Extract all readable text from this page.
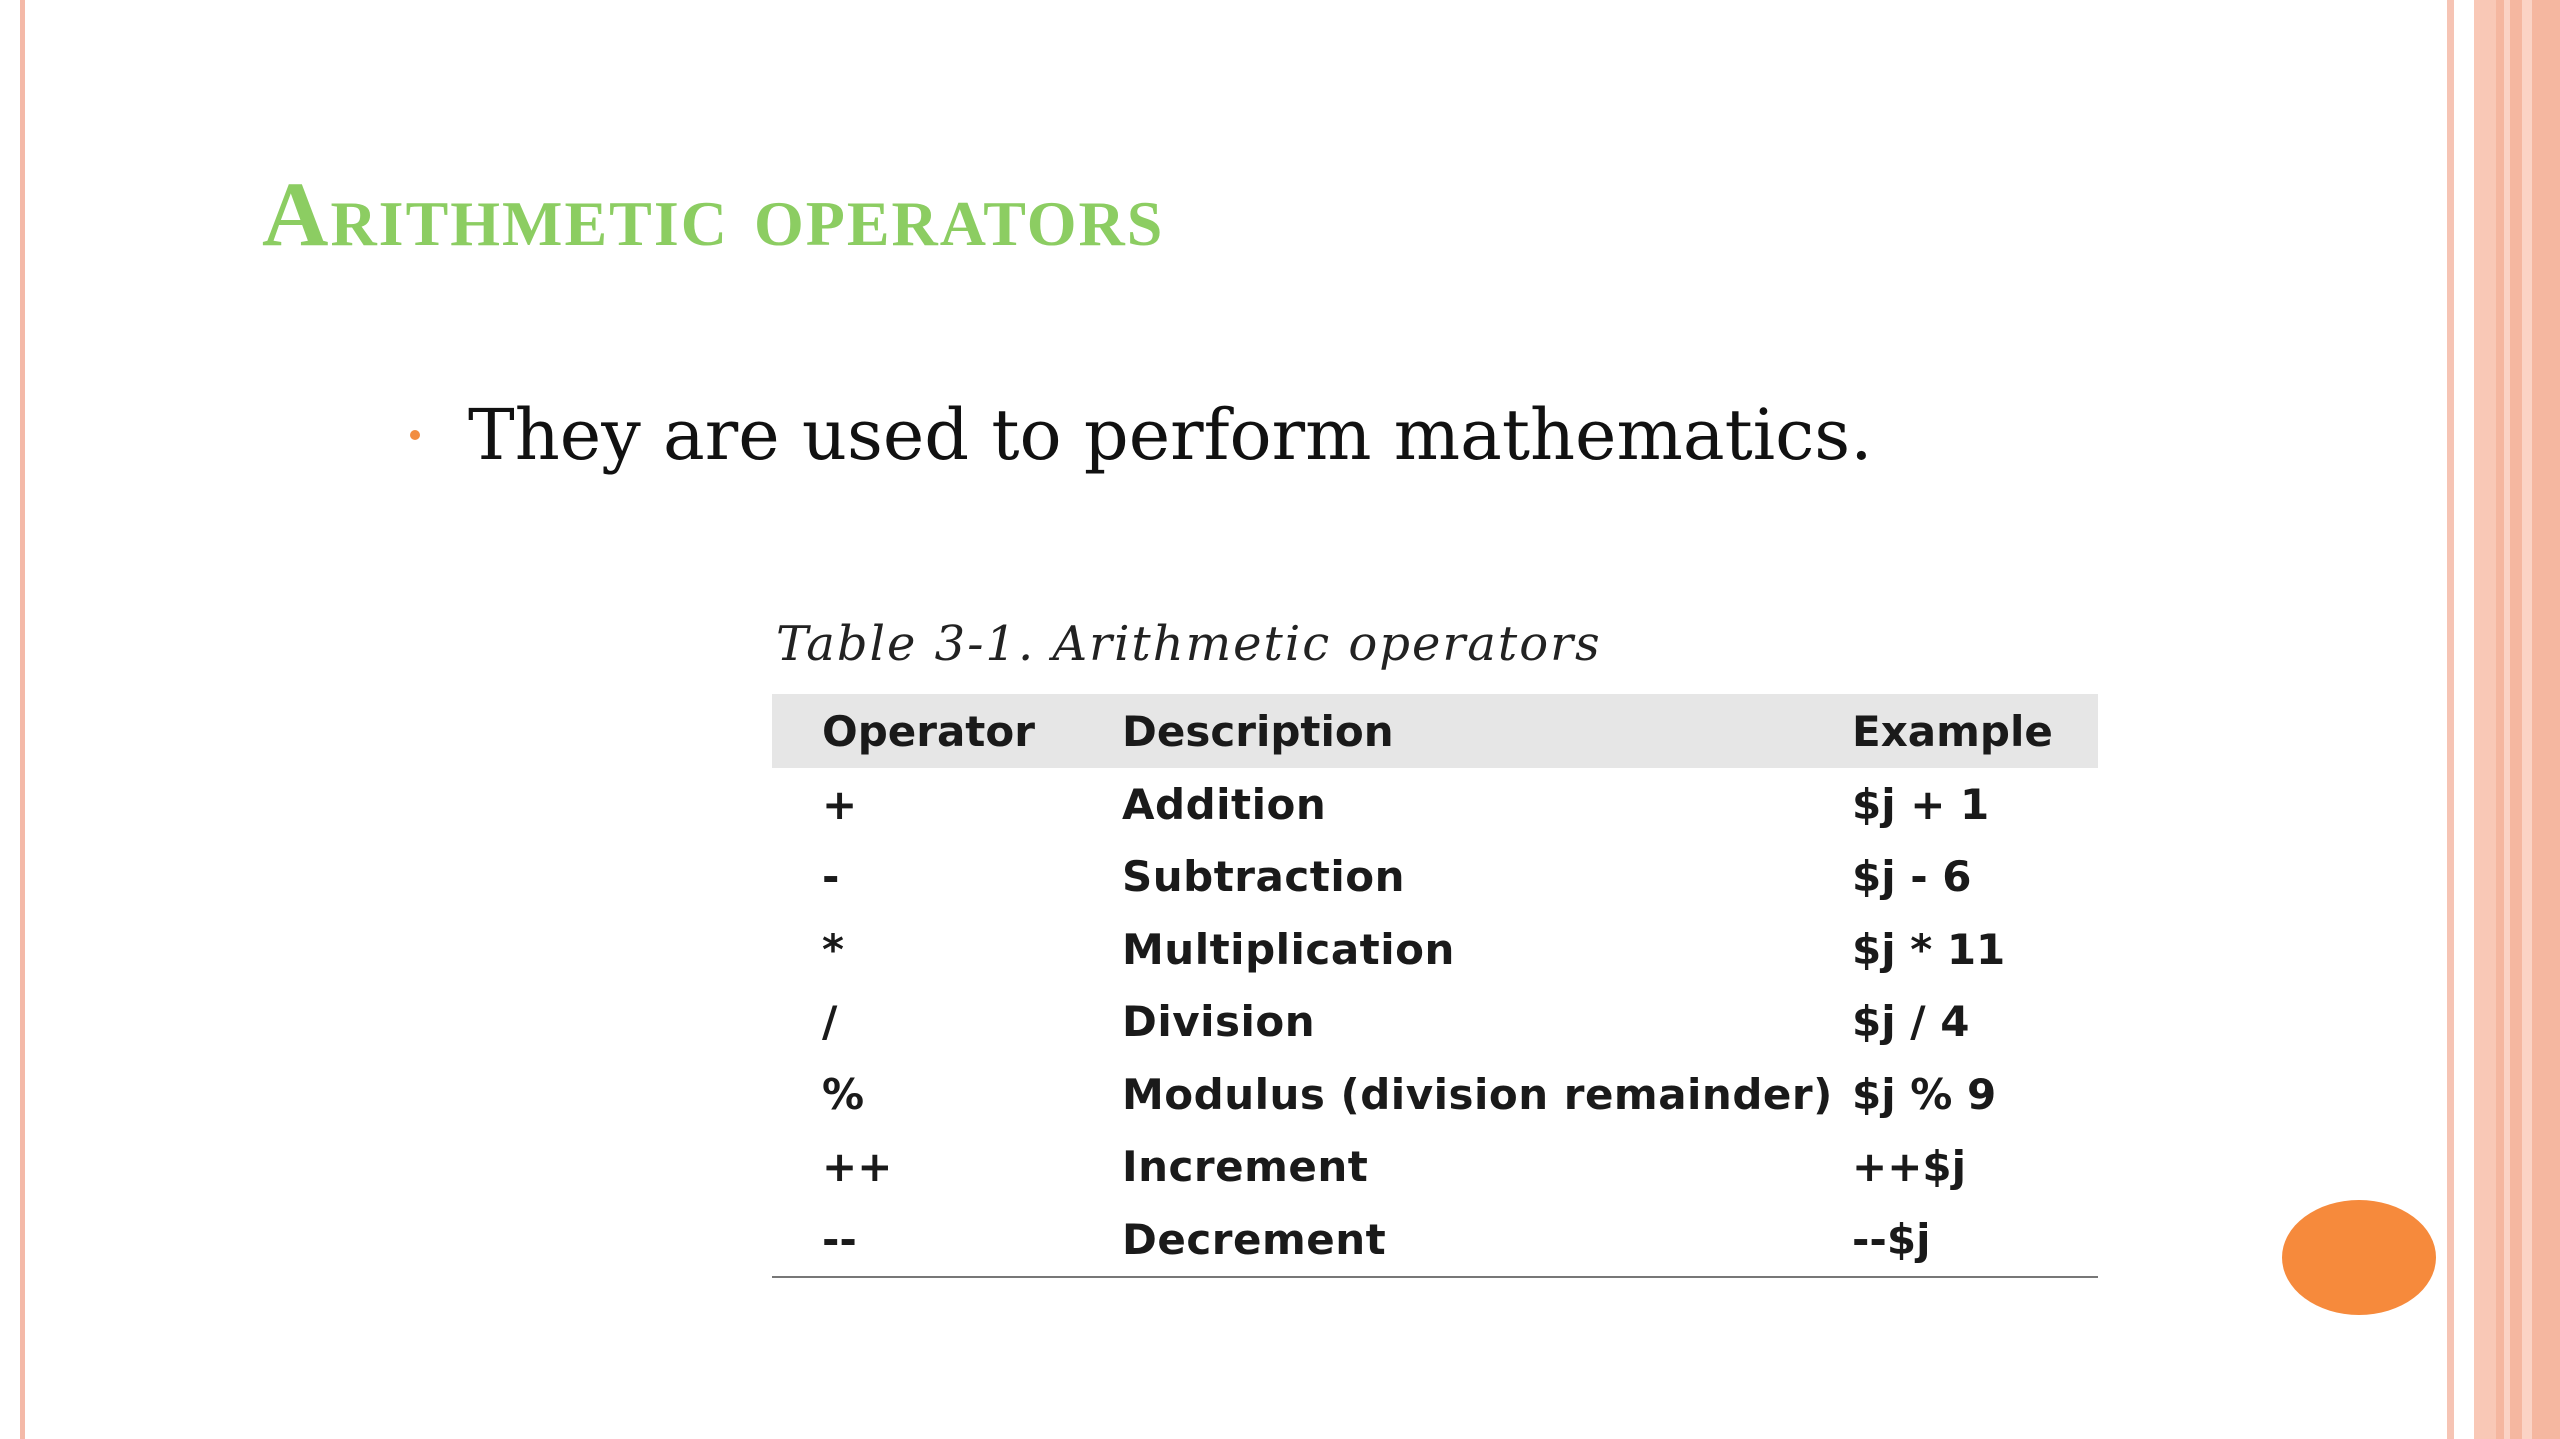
Arithmetic operators
They are used to perform mathematics.
Table 3-1. Arithmetic operators
Operator	Description	Example
+	Addition	$j + 1
-	Subtraction	$j - 6
*	Multiplication	$j * 11
/	Division	$j / 4
%	Modulus (division remainder)	$j % 9
++	Increment	++$j
--	Decrement	--$j
